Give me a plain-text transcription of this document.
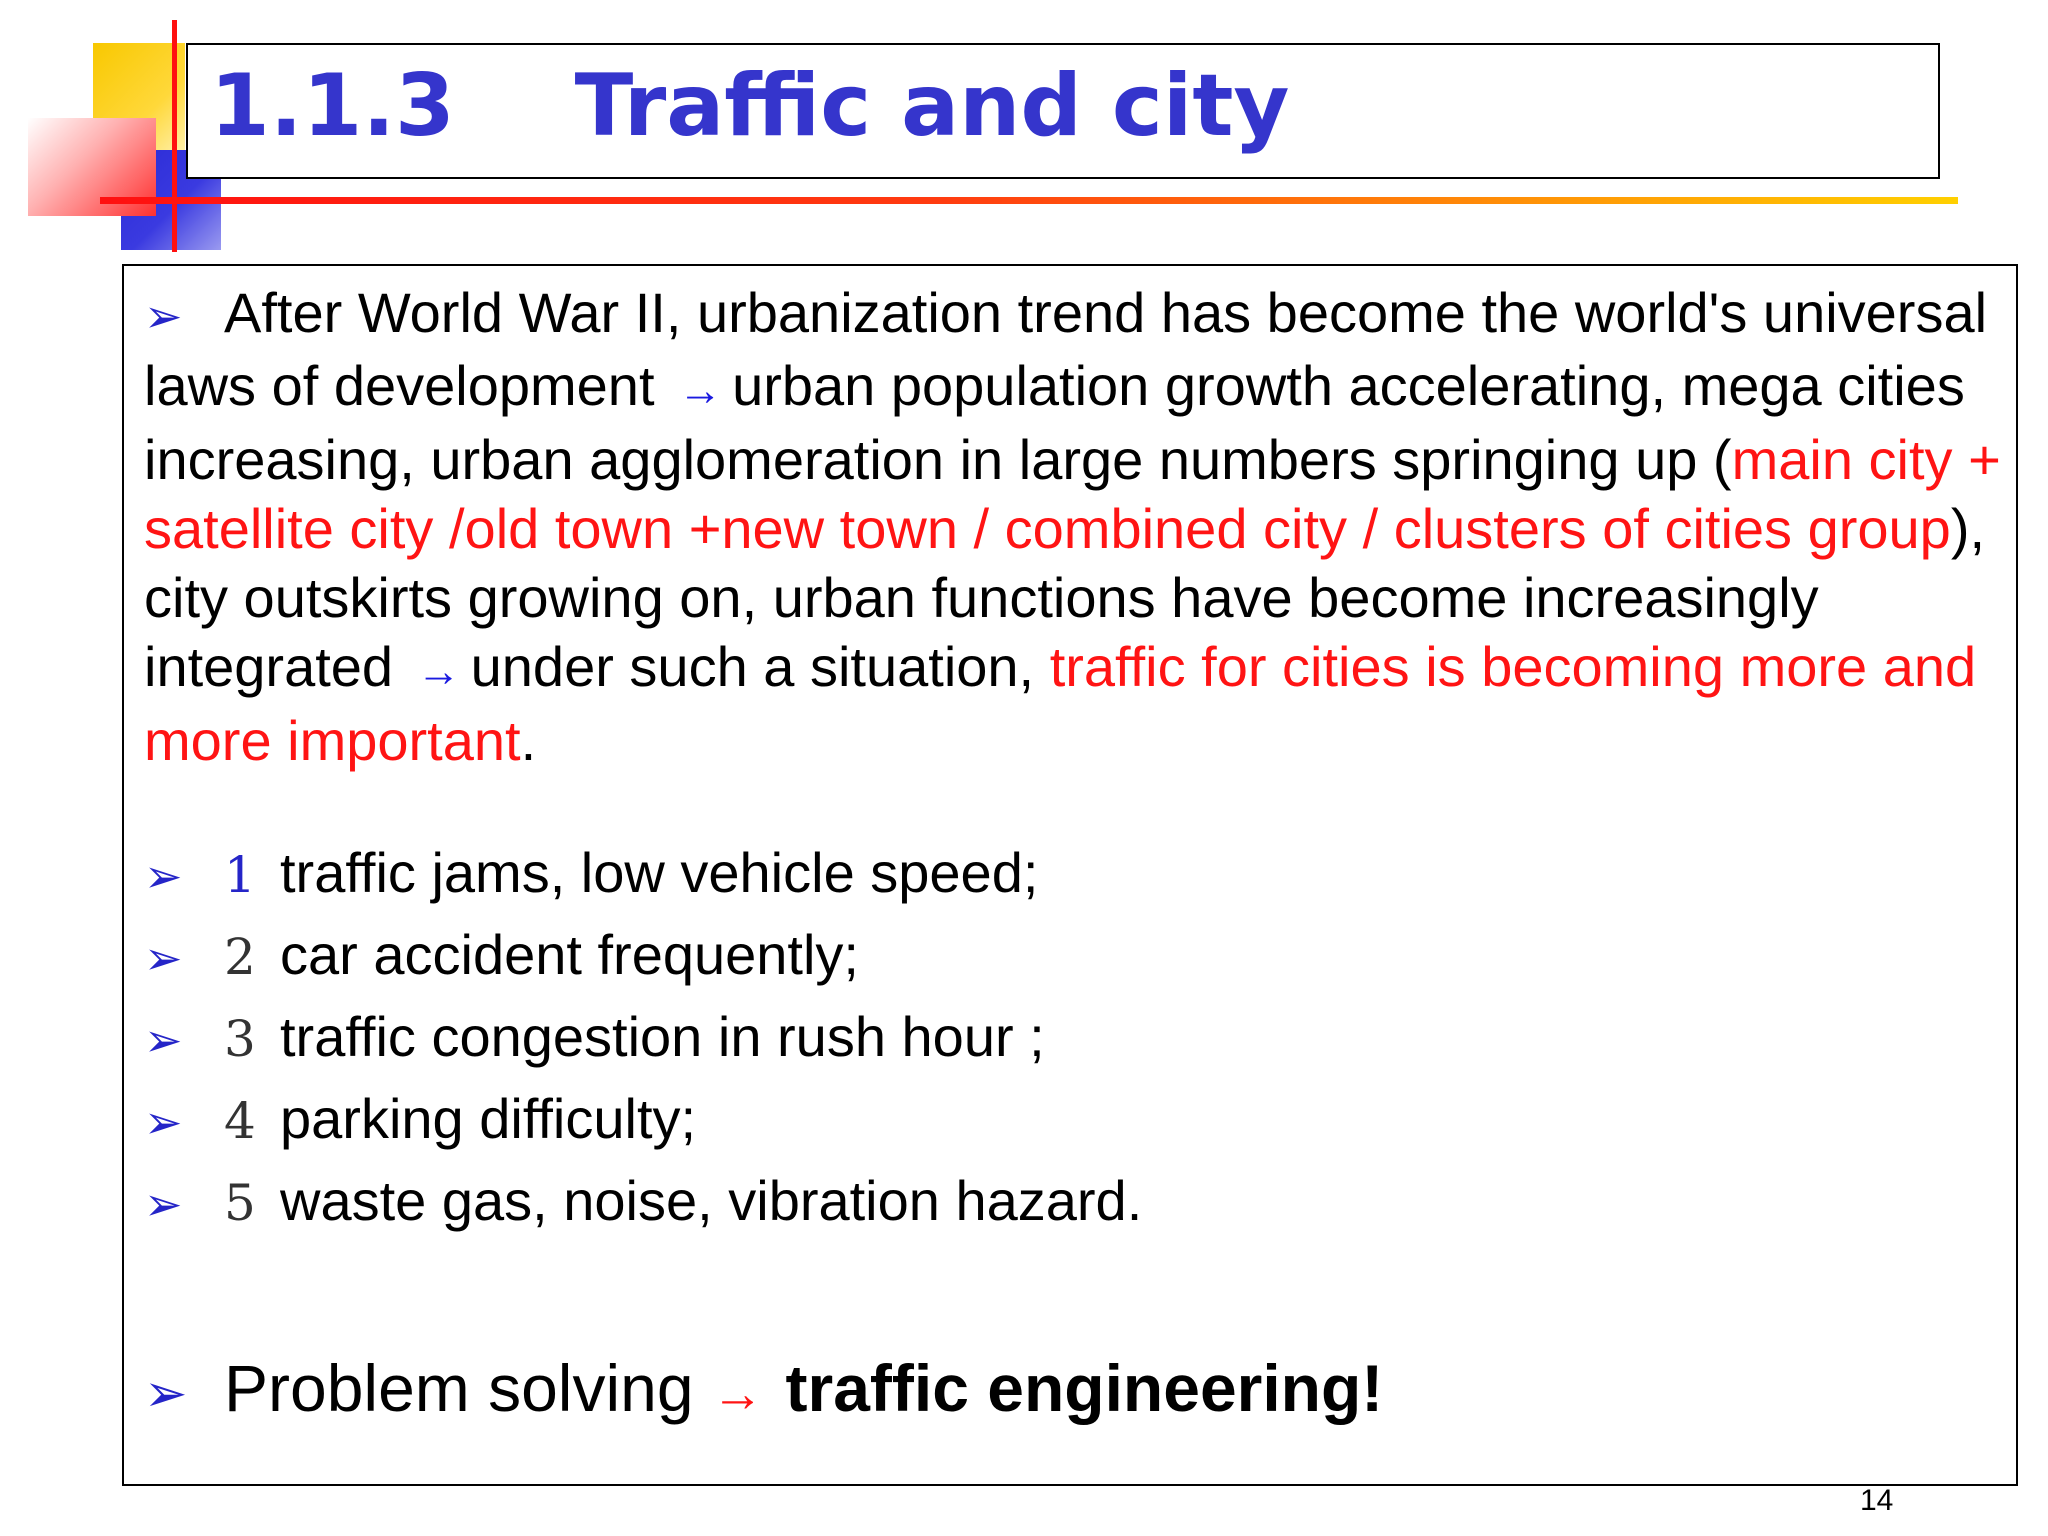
1.1.3    Traffic and city

➢ After World War II, urbanization trend has become the world's universal laws of development → urban population growth accelerating, mega cities increasing, urban agglomeration in large numbers springing up (main city + satellite city /old town +new town / combined city / clusters of cities group), city outskirts growing on, urban functions have become increasingly integrated → under such a situation, traffic for cities is becoming more and more important.

➢ 1 traffic jams, low vehicle speed;

➢ 2 car accident frequently;

➢ 3 traffic congestion in rush hour ;

➢ 4 parking difficulty;

➢ 5 waste gas, noise, vibration hazard.

➢ Problem solving → traffic engineering!

14
